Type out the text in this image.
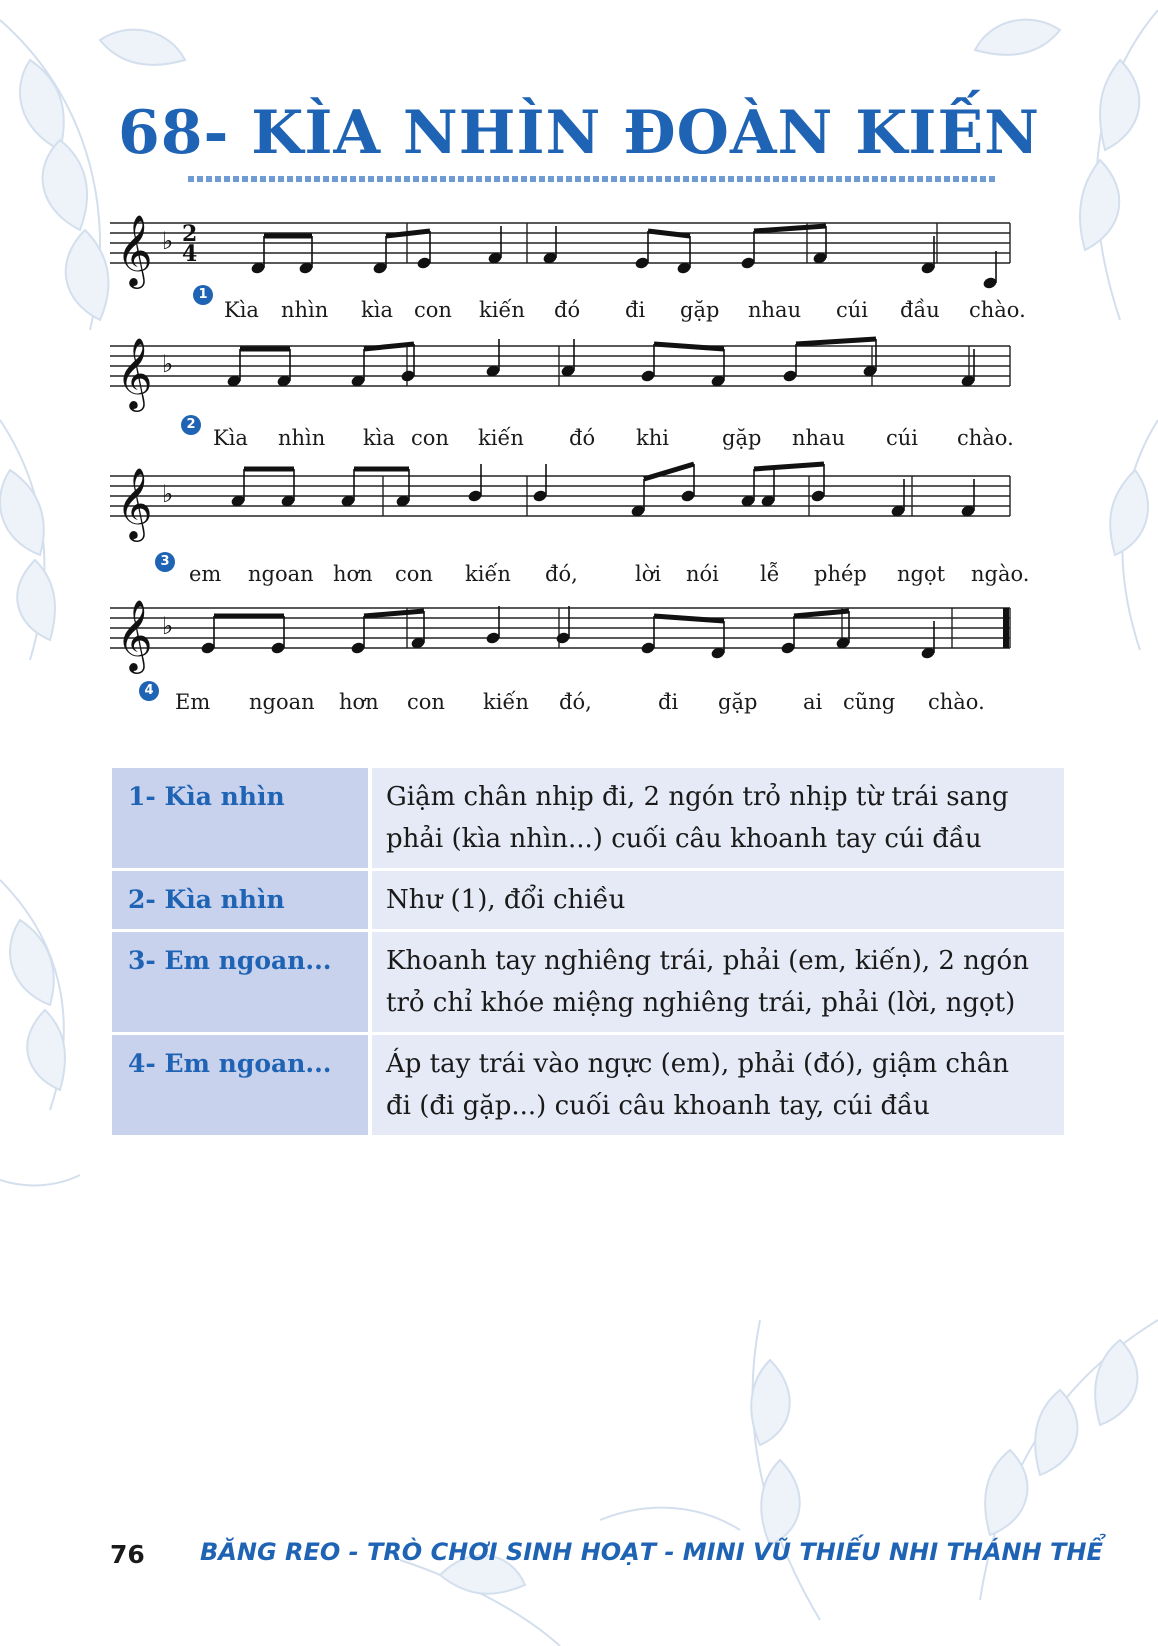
68- KÌA NHÌN ĐOÀN KIẾN
𝄞 ♭ 2
4
1
Kìa nhìn kìa con kiến đó đi gặp nhau cúi đầu chào.
𝄞 ♭
2
Kìa nhìn kìa con kiến đó khi	gặp nhau cúi chào.
𝄞 ♭
3
em ngoan hơn con kiến đó,	lời nói lễ phép ngọt ngào.
𝄞 ♭
4 Em ngoan hơn con kiến đó,	đi gặp ai cũng chào.
1- Kìa nhìn	Giậm chân nhịp đi, 2 ngón trỏ nhịp từ trái sang
phải (kìa nhìn...) cuối câu khoanh tay cúi đầu

2- Kìa nhìn	Như (1), đổi chiều

3- Em ngoan...	Khoanh tay nghiêng trái, phải (em, kiến), 2 ngón
trỏ chỉ khóe miệng nghiêng trái, phải (lời, ngọt)

4- Em ngoan...	Áp tay trái vào ngực (em), phải (đó), giậm chân
đi (đi gặp...) cuối câu khoanh tay, cúi đầu
76 BĂNG REO - TRÒ CHƠI SINH HOẠT - MINI VŨ THIẾU NHI THÁNH THỂ
